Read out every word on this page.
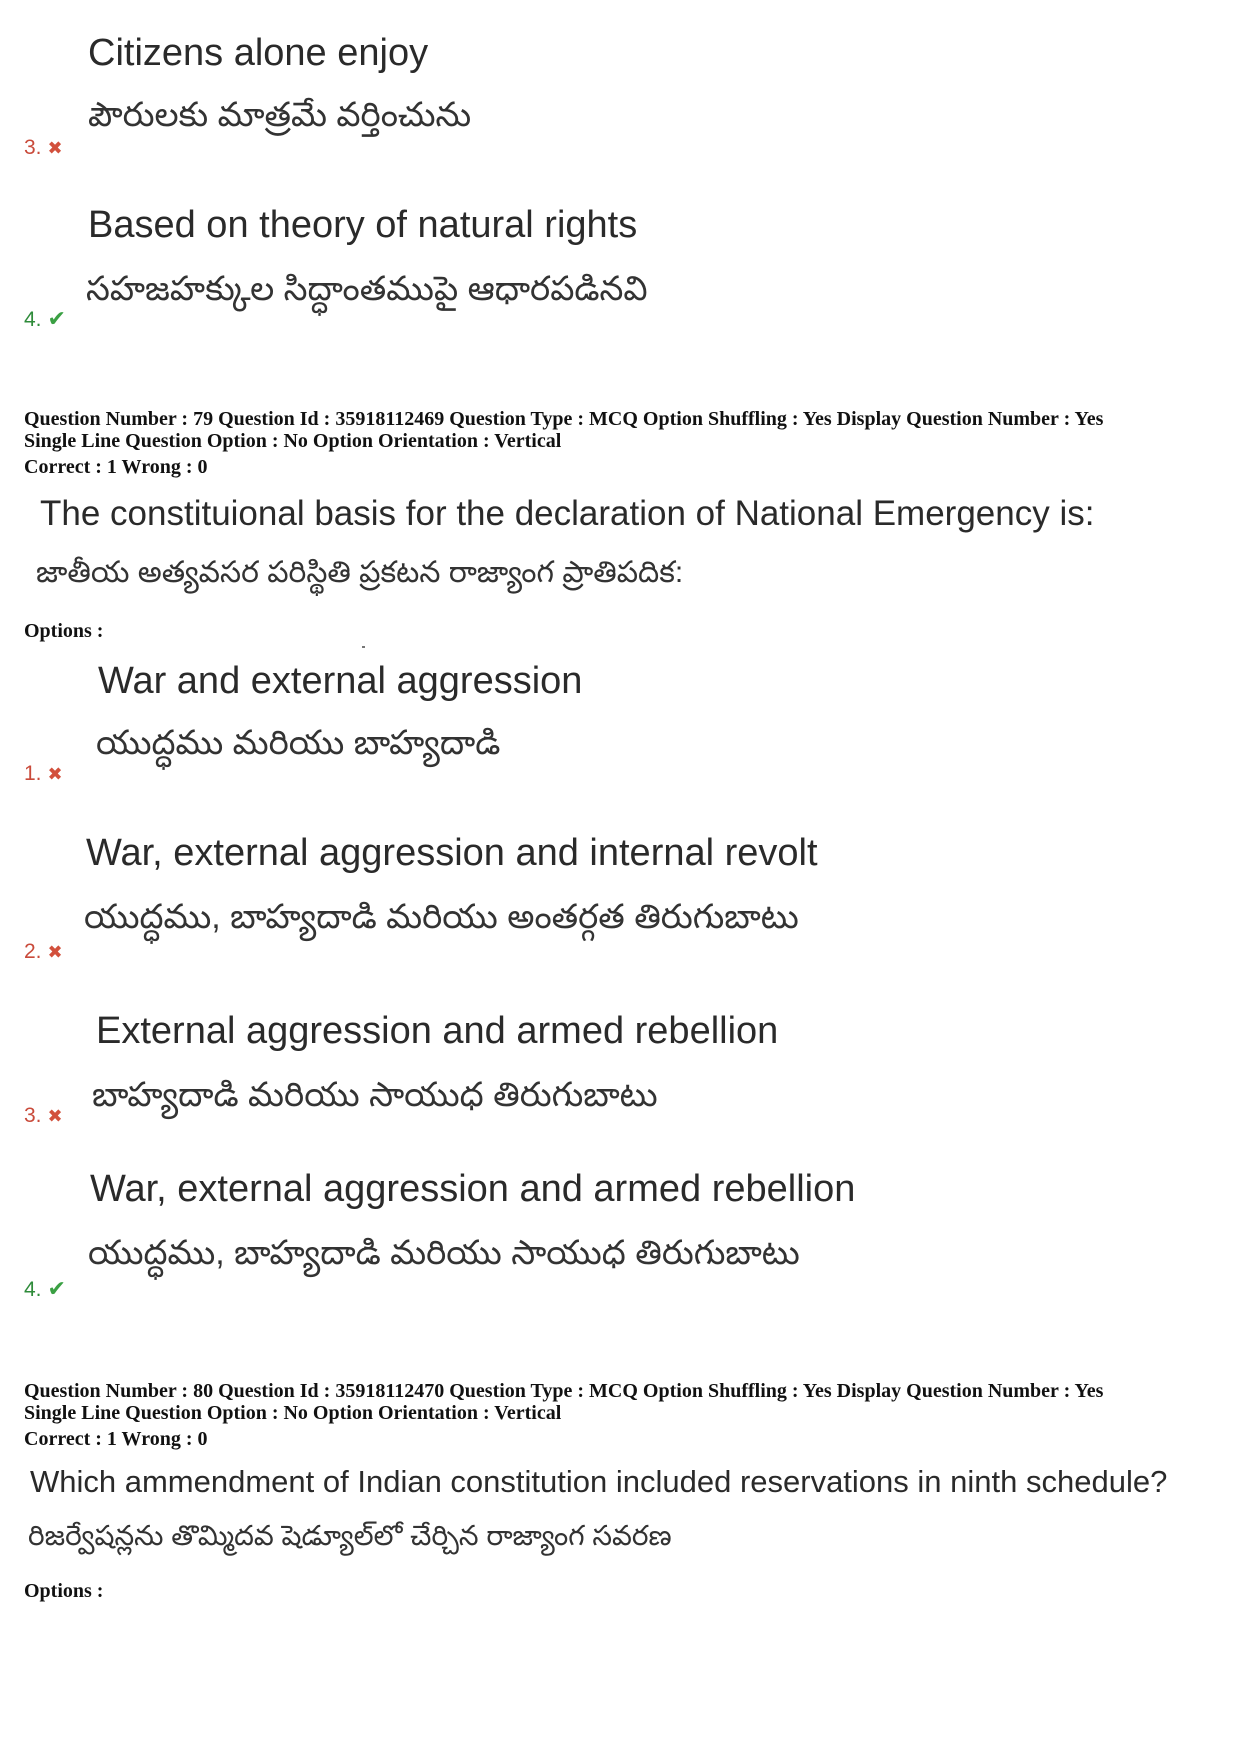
Citizens alone enjoy
పౌరులకు మాత్రమే వర్తించును
3. ✖
Based on theory of natural rights
సహజహక్కుల సిద్ధాంతముపై ఆధారపడినవి
4. ✔
Question Number : 79 Question Id : 35918112469 Question Type : MCQ Option Shuffling : Yes Display Question Number : Yes
Single Line Question Option : No Option Orientation : Vertical
Correct : 1 Wrong : 0
The constituional basis for the declaration of National Emergency is:
జాతీయ అత్యవసర పరిస్థితి ప్రకటన రాజ్యాంగ ప్రాతిపదిక:
Options :
War and external aggression
యుద్ధము మరియు బాహ్యదాడి
1. ✖
War, external aggression and internal revolt
యుద్ధము, బాహ్యదాడి మరియు అంతర్గత తిరుగుబాటు
2. ✖
External aggression and armed rebellion
బాహ్యదాడి మరియు సాయుధ తిరుగుబాటు
3. ✖
War, external aggression and armed rebellion
యుద్ధము, బాహ్యదాడి మరియు సాయుధ తిరుగుబాటు
4. ✔
Question Number : 80 Question Id : 35918112470 Question Type : MCQ Option Shuffling : Yes Display Question Number : Yes
Single Line Question Option : No Option Orientation : Vertical
Correct : 1 Wrong : 0
Which ammendment of Indian constitution included reservations in ninth schedule?
రిజర్వేషన్లను తొమ్మిదవ షెడ్యూల్‌లో చేర్చిన రాజ్యాంగ సవరణ
Options :
